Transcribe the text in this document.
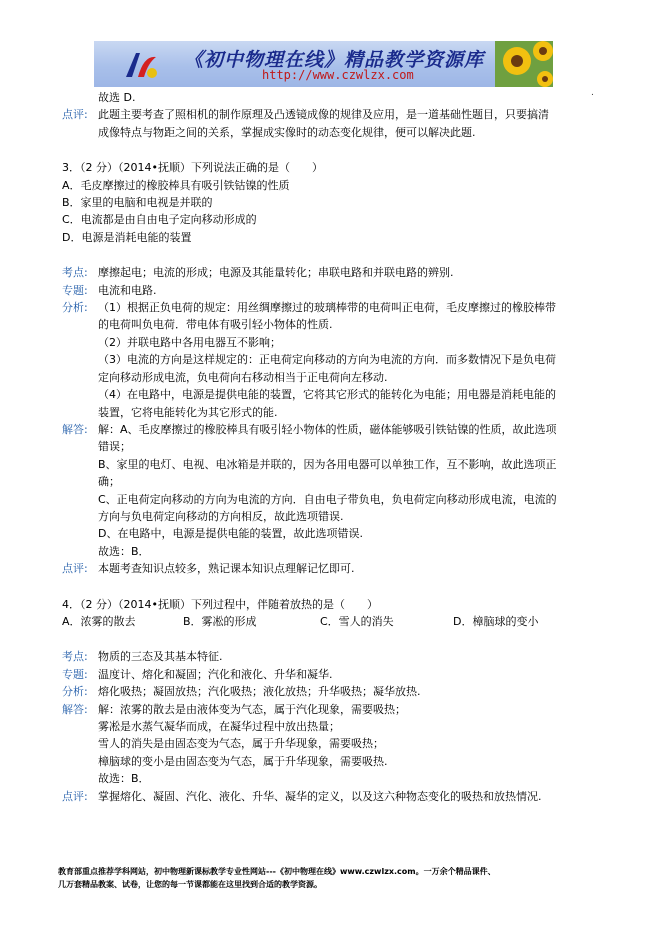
《初中物理在线》精品教学资源库
http://www.czwlzx.com
.
故选 D.
点评: 此题主要考查了照相机的制作原理及凸透镜成像的规律及应用，是一道基础性题目，只要搞清
成像特点与物距之间的关系，掌握成实像时的动态变化规律，便可以解决此题.
3．（2 分）（2014•抚顺）下列说法正确的是（　　）
A．毛皮摩擦过的橡胶棒具有吸引铁钴镍的性质
B．家里的电脑和电视是并联的
C．电流都是由自由电子定向移动形成的
D．电源是消耗电能的装置
考点: 摩擦起电；电流的形成；电源及其能量转化；串联电路和并联电路的辨别.
专题: 电流和电路.
分析: （1）根据正负电荷的规定：用丝绸摩擦过的玻璃棒带的电荷叫正电荷，毛皮摩擦过的橡胶棒带
的电荷叫负电荷．带电体有吸引轻小物体的性质.
（2）并联电路中各用电器互不影响；
（3）电流的方向是这样规定的：正电荷定向移动的方向为电流的方向．而多数情况下是负电荷
定向移动形成电流，负电荷向右移动相当于正电荷向左移动.
（4）在电路中，电源是提供电能的装置，它将其它形式的能转化为电能；用电器是消耗电能的
装置，它将电能转化为其它形式的能.
解答: 解：A、毛皮摩擦过的橡胶棒具有吸引轻小物体的性质，磁体能够吸引铁钴镍的性质，故此选项
错误；
B、家里的电灯、电视、电冰箱是并联的，因为各用电器可以单独工作，互不影响，故此选项正
确；
C、正电荷定向移动的方向为电流的方向．自由电子带负电，负电荷定向移动形成电流，电流的
方向与负电荷定向移动的方向相反，故此选项错误.
D、在电路中，电源是提供电能的装置，故此选项错误.
故选：B．
点评: 本题考查知识点较多，熟记课本知识点理解记忆即可.
4．（2 分）（2014•抚顺）下列过程中，伴随着放热的是（　　）
A．浓雾的散去	B．雾凇的形成	C．雪人的消失	D．樟脑球的变小
考点: 物质的三态及其基本特征.
专题: 温度计、熔化和凝固；汽化和液化、升华和凝华.
分析: 熔化吸热；凝固放热；汽化吸热；液化放热；升华吸热；凝华放热.
解答: 解：浓雾的散去是由液体变为气态，属于汽化现象，需要吸热；
雾凇是水蒸气凝华而成，在凝华过程中放出热量；
雪人的消失是由固态变为气态，属于升华现象，需要吸热；
樟脑球的变小是由固态变为气态，属于升华现象，需要吸热.
故选：B．
点评: 掌握熔化、凝固、汽化、液化、升华、凝华的定义，以及这六种物态变化的吸热和放热情况.
教育部重点推荐学科网站，初中物理新课标教学专业性网站---《初中物理在线》www.czwlzx.com。一万余个精品课件、
几万套精品教案、试卷，让您的每一节课都能在这里找到合适的教学资源。
